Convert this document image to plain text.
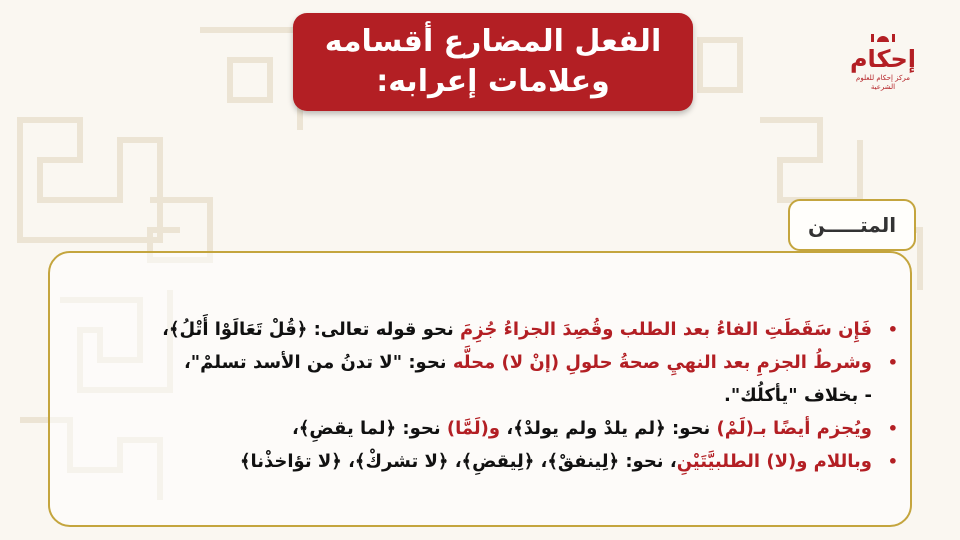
الفعل المضارع أقسامه
وعلامات إعرابه:
إحكام
مركز إحكام للعلوم الشرعية
المتـــــن
•
فَإِن سَقَطَتِ الفاءُ بعد الطلب وقُصِدَ الجزاءُ جُزِمَ نحو قوله تعالى: ﴿قُلْ تَعَالَوْا أَتْلُ﴾،
•
وشرطُ الجزمِ بعد النهيِ صحةُ حلولِ (إنْ لا) محلَّه نحو: "لا تدنُ من الأسد تسلمْ"،
- بخلاف "يأكلُك".
•
ويُجزم أيضًا بـ(لَمْ) نحو: ﴿لم يلدْ ولم يولدْ﴾، و(لَمَّا) نحو: ﴿لما يقضِ﴾،
•
وباللام و(لا) الطلبيَّتَيْنِ، نحو: ﴿لِينفقْ﴾، ﴿لِيقضِ﴾، ﴿لا تشركْ﴾، ﴿لا تؤاخذْنا﴾
